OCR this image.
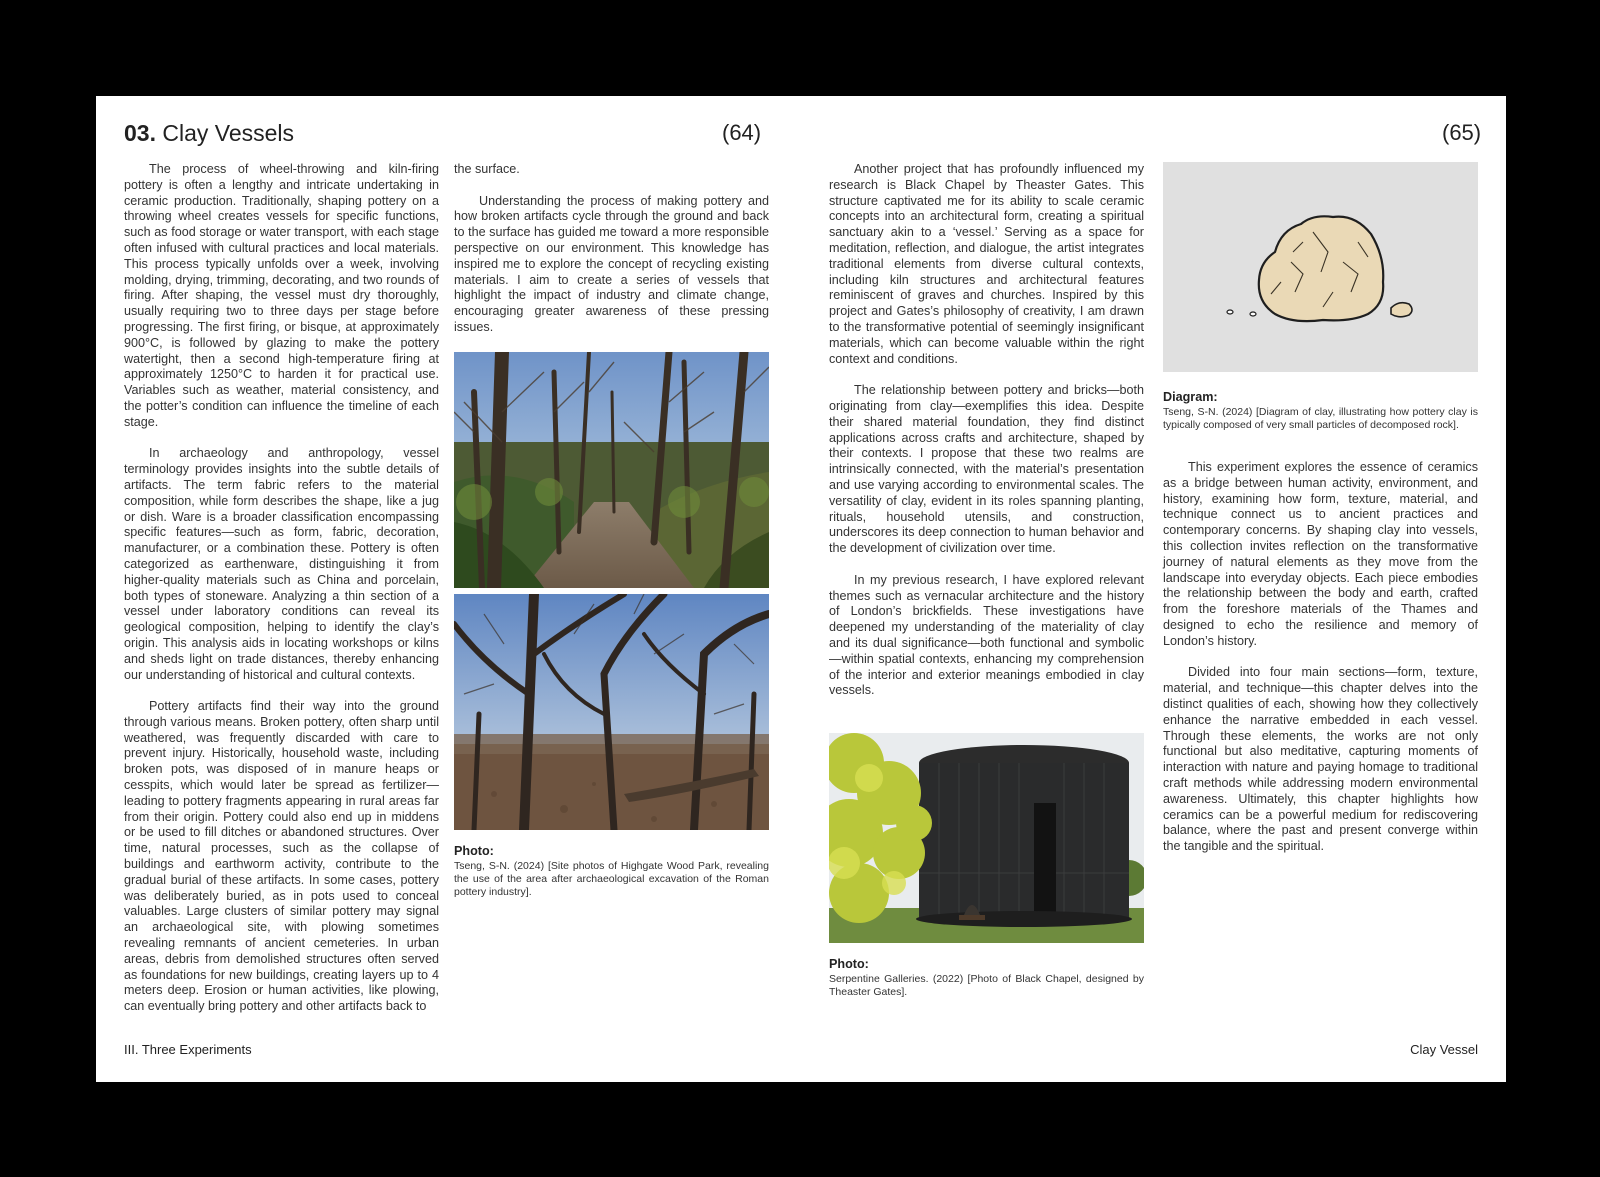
03. Clay Vessels	(64)

The process of wheel-throwing and kiln-firing pottery is often a lengthy and intricate undertaking in ceramic production. Traditionally, shaping pottery on a throwing wheel creates vessels for specific functions, such as food storage or water transport, with each stage often infused with cultural practices and local materials. This process typically unfolds over a week, involving molding, drying, trimming, decorating, and two rounds of firing. After shaping, the vessel must dry thoroughly, usually requiring two to three days per stage before progressing. The first firing, or bisque, at approximately 900°C, is followed by glazing to make the pottery watertight, then a second high-temperature firing at approximately 1250°C to harden it for practical use. Variables such as weather, material consistency, and the potter’s condition can influence the timeline of each stage.

In archaeology and anthropology, vessel terminology provides insights into the subtle details of artifacts. The term fabric refers to the material composition, while form describes the shape, like a jug or dish. Ware is a broader classification encompassing specific features—such as form, fabric, decoration, manufacturer, or a combination these. Pottery is often categorized as earthenware, distinguishing it from higher-quality materials such as China and porcelain, both types of stoneware. Analyzing a thin section of a vessel under laboratory conditions can reveal its geological composition, helping to identify the clay’s origin. This analysis aids in locating workshops or kilns and sheds light on trade distances, thereby enhancing our understanding of historical and cultural contexts.

Pottery artifacts find their way into the ground through various means. Broken pottery, often sharp until weathered, was frequently discarded with care to prevent injury. Historically, household waste, including broken pots, was disposed of in manure heaps or cesspits, which would later be spread as fertilizer—leading to pottery fragments appearing in rural areas far from their origin. Pottery could also end up in middens or be used to fill ditches or abandoned structures. Over time, natural processes, such as the collapse of buildings and earthworm activity, contribute to the gradual burial of these artifacts. In some cases, pottery was deliberately buried, as in pots used to conceal valuables. Large clusters of similar pottery may signal an archaeological site, with plowing sometimes revealing remnants of ancient cemeteries. In urban areas, debris from demolished structures often served as foundations for new buildings, creating layers up to 4 meters deep. Erosion or human activities, like plowing, can eventually bring pottery and other artifacts back to

the surface.

Understanding the process of making pottery and how broken artifacts cycle through the ground and back to the surface has guided me toward a more responsible perspective on our environment. This knowledge has inspired me to explore the concept of recycling existing materials. I aim to create a series of vessels that highlight the impact of industry and climate change, encouraging greater awareness of these pressing issues.

Photo:
Tseng, S-N. (2024) [Site photos of Highgate Wood Park, revealing the use of the area after archaeological excavation of the Roman pottery industry].
III. Three Experiments
(65)

Another project that has profoundly influenced my research is Black Chapel by Theaster Gates. This structure captivated me for its ability to scale ceramic concepts into an architectural form, creating a spiritual sanctuary akin to a ‘vessel.’ Serving as a space for meditation, reflection, and dialogue, the artist integrates traditional elements from diverse cultural contexts, including kiln structures and architectural features reminiscent of graves and churches. Inspired by this project and Gates’s philosophy of creativity, I am drawn to the transformative potential of seemingly insignificant materials, which can become valuable within the right context and conditions.

The relationship between pottery and bricks—both originating from clay—exemplifies this idea. Despite their shared material foundation, they find distinct applications across crafts and architecture, shaped by their contexts. I propose that these two realms are intrinsically connected, with the material’s presentation and use varying according to environmental scales. The versatility of clay, evident in its roles spanning planting, rituals, household utensils, and construction, underscores its deep connection to human behavior and the development of civilization over time.

In my previous research, I have explored relevant themes such as vernacular architecture and the history of London’s brickfields. These investigations have deepened my understanding of the materiality of clay and its dual significance—both functional and symbolic—within spatial contexts, enhancing my comprehension of the interior and exterior meanings embodied in clay vessels.

Photo:
Serpentine Galleries. (2022) [Photo of Black Chapel, designed by Theaster Gates].
Diagram:
Tseng, S-N. (2024) [Diagram of clay, illustrating how pottery clay is typically composed of very small particles of decomposed rock].

This experiment explores the essence of ceramics as a bridge between human activity, environment, and history, examining how form, texture, material, and technique connect us to ancient practices and contemporary concerns. By shaping clay into vessels, this collection invites reflection on the transformative journey of natural elements as they move from the landscape into everyday objects. Each piece embodies the relationship between the body and earth, crafted from the foreshore materials of the Thames and designed to echo the resilience and memory of London’s history.

Divided into four main sections—form, texture, material, and technique—this chapter delves into the distinct qualities of each, showing how they collectively enhance the narrative embedded in each vessel. Through these elements, the works are not only functional but also meditative, capturing moments of interaction with nature and paying homage to traditional craft methods while addressing modern environmental awareness. Ultimately, this chapter highlights how ceramics can be a powerful medium for rediscovering balance, where the past and present converge within the tangible and the spiritual.

Clay Vessel
